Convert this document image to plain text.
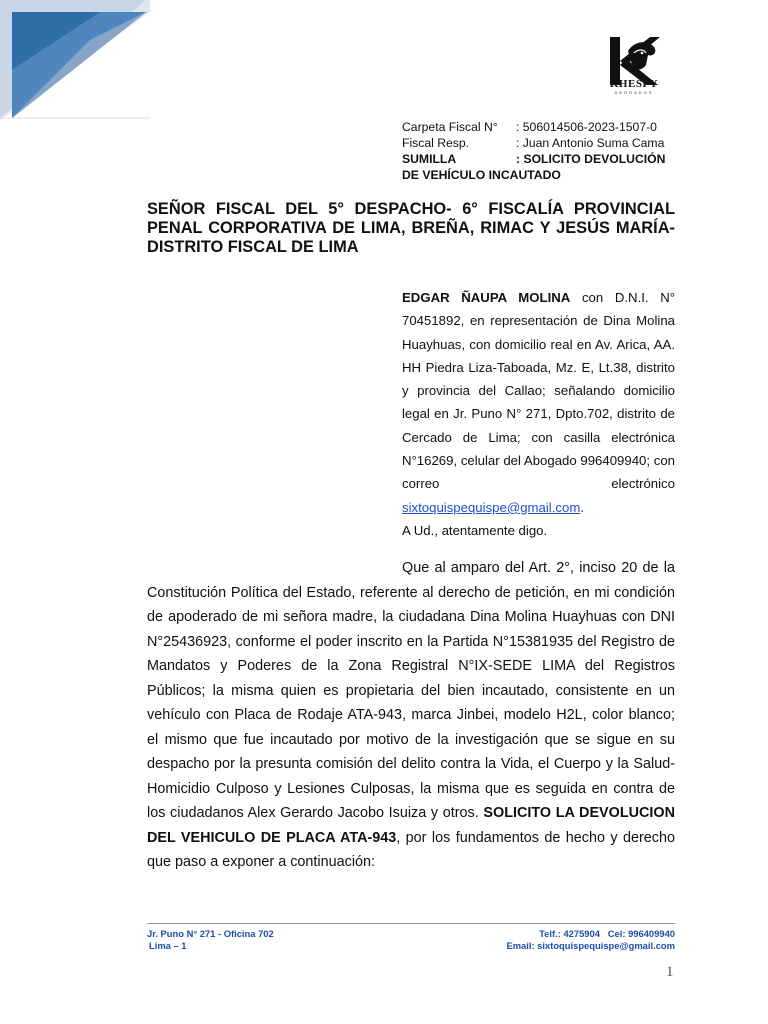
KHESPY
ABOGADOS
Carpeta Fiscal N°	: 506014506-2023-1507-0
Fiscal Resp.	: Juan Antonio Suma Cama
SUMILLA	: SOLICITO DEVOLUCIÓN
DE VEHÍCULO INCAUTADO
SEÑOR FISCAL DEL 5° DESPACHO- 6° FISCALÍA PROVINCIAL PENAL CORPORATIVA DE LIMA, BREÑA, RIMAC Y JESÚS MARÍA- DISTRITO FISCAL DE LIMA
EDGAR ÑAUPA MOLINA con D.N.I. N° 70451892, en representación de Dina Molina Huayhuas, con domicilio real en Av. Arica, AA. HH Piedra Liza-Taboada, Mz. E, Lt.38, distrito y provincia del Callao; señalando domicilio legal en Jr. Puno N° 271, Dpto.702, distrito de Cercado de Lima; con casilla electrónica N°16269, celular del Abogado 996409940; con correo electrónico sixtoquispequispe@gmail.com.
A Ud., atentamente digo.
Que al amparo del Art. 2°, inciso 20 de la Constitución Política del Estado, referente al derecho de petición, en mi condición de apoderado de mi señora madre, la ciudadana Dina Molina Huayhuas con DNI N°25436923, conforme el poder inscrito en la Partida N°15381935 del Registro de Mandatos y Poderes de la Zona Registral N°IX-SEDE LIMA del Registros Públicos; la misma quien es propietaria del bien incautado, consistente en un vehículo con Placa de Rodaje ATA-943, marca Jinbei, modelo H2L, color blanco; el mismo que fue incautado por motivo de la investigación que se sigue en su despacho por la presunta comisión del delito contra la Vida, el Cuerpo y la Salud- Homicidio Culposo y Lesiones Culposas, la misma que es seguida en contra de los ciudadanos Alex Gerardo Jacobo Isuiza y otros. SOLICITO LA DEVOLUCION DEL VEHICULO DE PLACA ATA-943, por los fundamentos de hecho y derecho que paso a exponer a continuación:
Jr. Puno N° 271 - Oficina 702
Lima – 1
Telf.: 4275904   Cel: 996409940
Email: sixtoquispequispe@gmail.com
1
